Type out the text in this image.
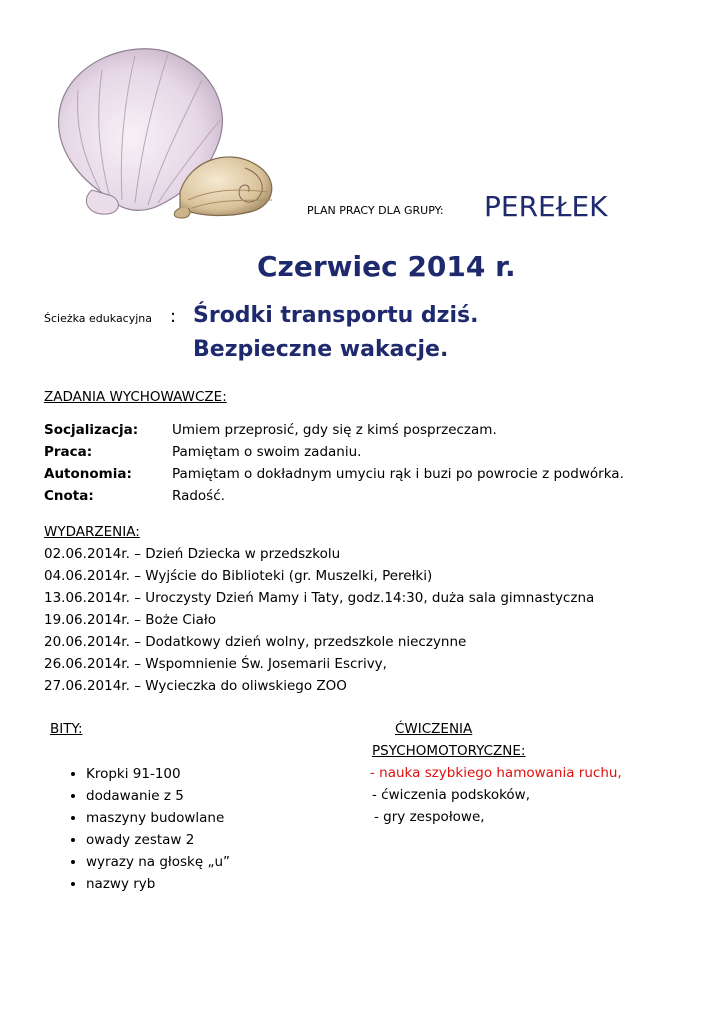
PLAN PRACY DLA GRUPY: PEREŁEK
Czerwiec 2014 r.
Ścieżka edukacyjna : Środki transportu dziś.
Bezpieczne wakacje.
ZADANIA WYCHOWAWCZE:
Socjalizacja:	Umiem przeprosić, gdy się z kimś posprzeczam.
Praca:	Pamiętam o swoim zadaniu.
Autonomia:	Pamiętam o dokładnym umyciu rąk i buzi po powrocie z podwórka.
Cnota:	Radość.
WYDARZENIA:
02.06.2014r. – Dzień Dziecka w przedszkolu
04.06.2014r. – Wyjście do Biblioteki (gr. Muszelki, Perełki)
13.06.2014r. – Uroczysty Dzień Mamy i Taty, godz.14:30, duża sala gimnastyczna
19.06.2014r. – Boże Ciało
20.06.2014r. – Dodatkowy dzień wolny, przedszkole nieczynne
26.06.2014r. – Wspomnienie Św. Josemarii Escrivy,
27.06.2014r. – Wycieczka do oliwskiego ZOO
BITY:
• Kropki 91-100
• dodawanie z 5
• maszyny budowlane
• owady zestaw 2
• wyrazy na głoskę „u”
• nazwy ryb
ĆWICZENIA
PSYCHOMOTORYCZNE:
- nauka szybkiego hamowania ruchu,
- ćwiczenia podskoków,
- gry zespołowe,
